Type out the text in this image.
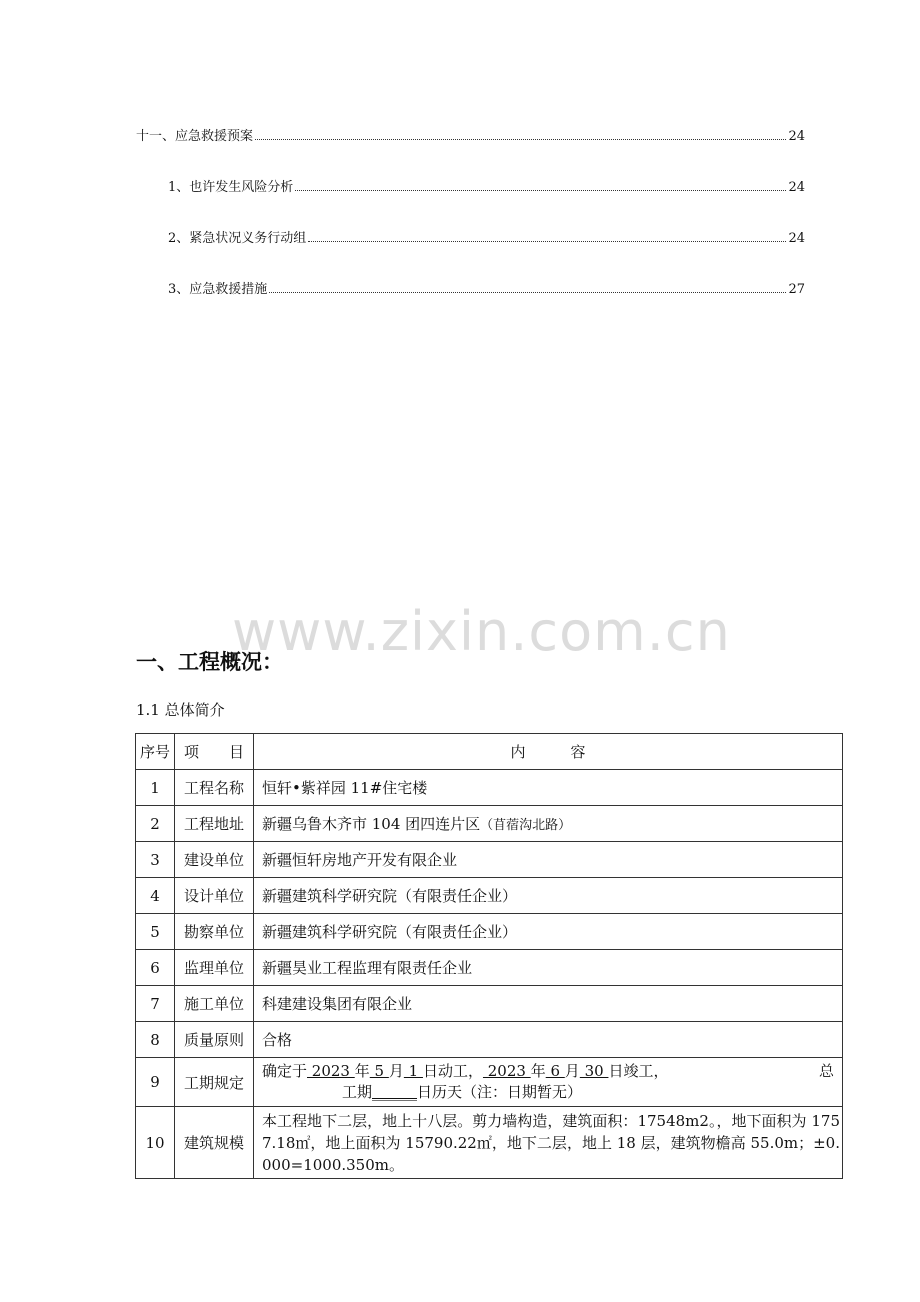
十一、应急救援预案	24
1、也许发生风险分析	24
2、紧急状况义务行动组	24
3、应急救援措施	27
www.zixin.com.cn
一、工程概况：
1.1 总体简介
序号	项　　目	内　　　容
1	工程名称	恒轩•紫祥园 11#住宅楼
2	工程地址	新疆乌鲁木齐市 104 团四连片区（苜蓿沟北路）
3	建设单位	新疆恒轩房地产开发有限企业
4	设计单位	新疆建筑科学研究院（有限责任企业）
5	勘察单位	新疆建筑科学研究院（有限责任企业）
6	监理单位	新疆昊业工程监理有限责任企业
7	施工单位	科建建设集团有限企业
8	质量原则	合格
9	工期规定	确定于 2023 年 5 月 1 日动工， 2023 年 6 月 30 日竣工， 总
工期______日历天（注：日期暂无）

10	建筑规模	本工程地下二层，地上十八层。剪力墙构造，建筑面积：17548m2。，地下面积为 1757.18㎡，地上面积为 15790.22㎡，地下二层，地上 18 层，建筑物檐高 55.0m；±0.000=1000.350m。
